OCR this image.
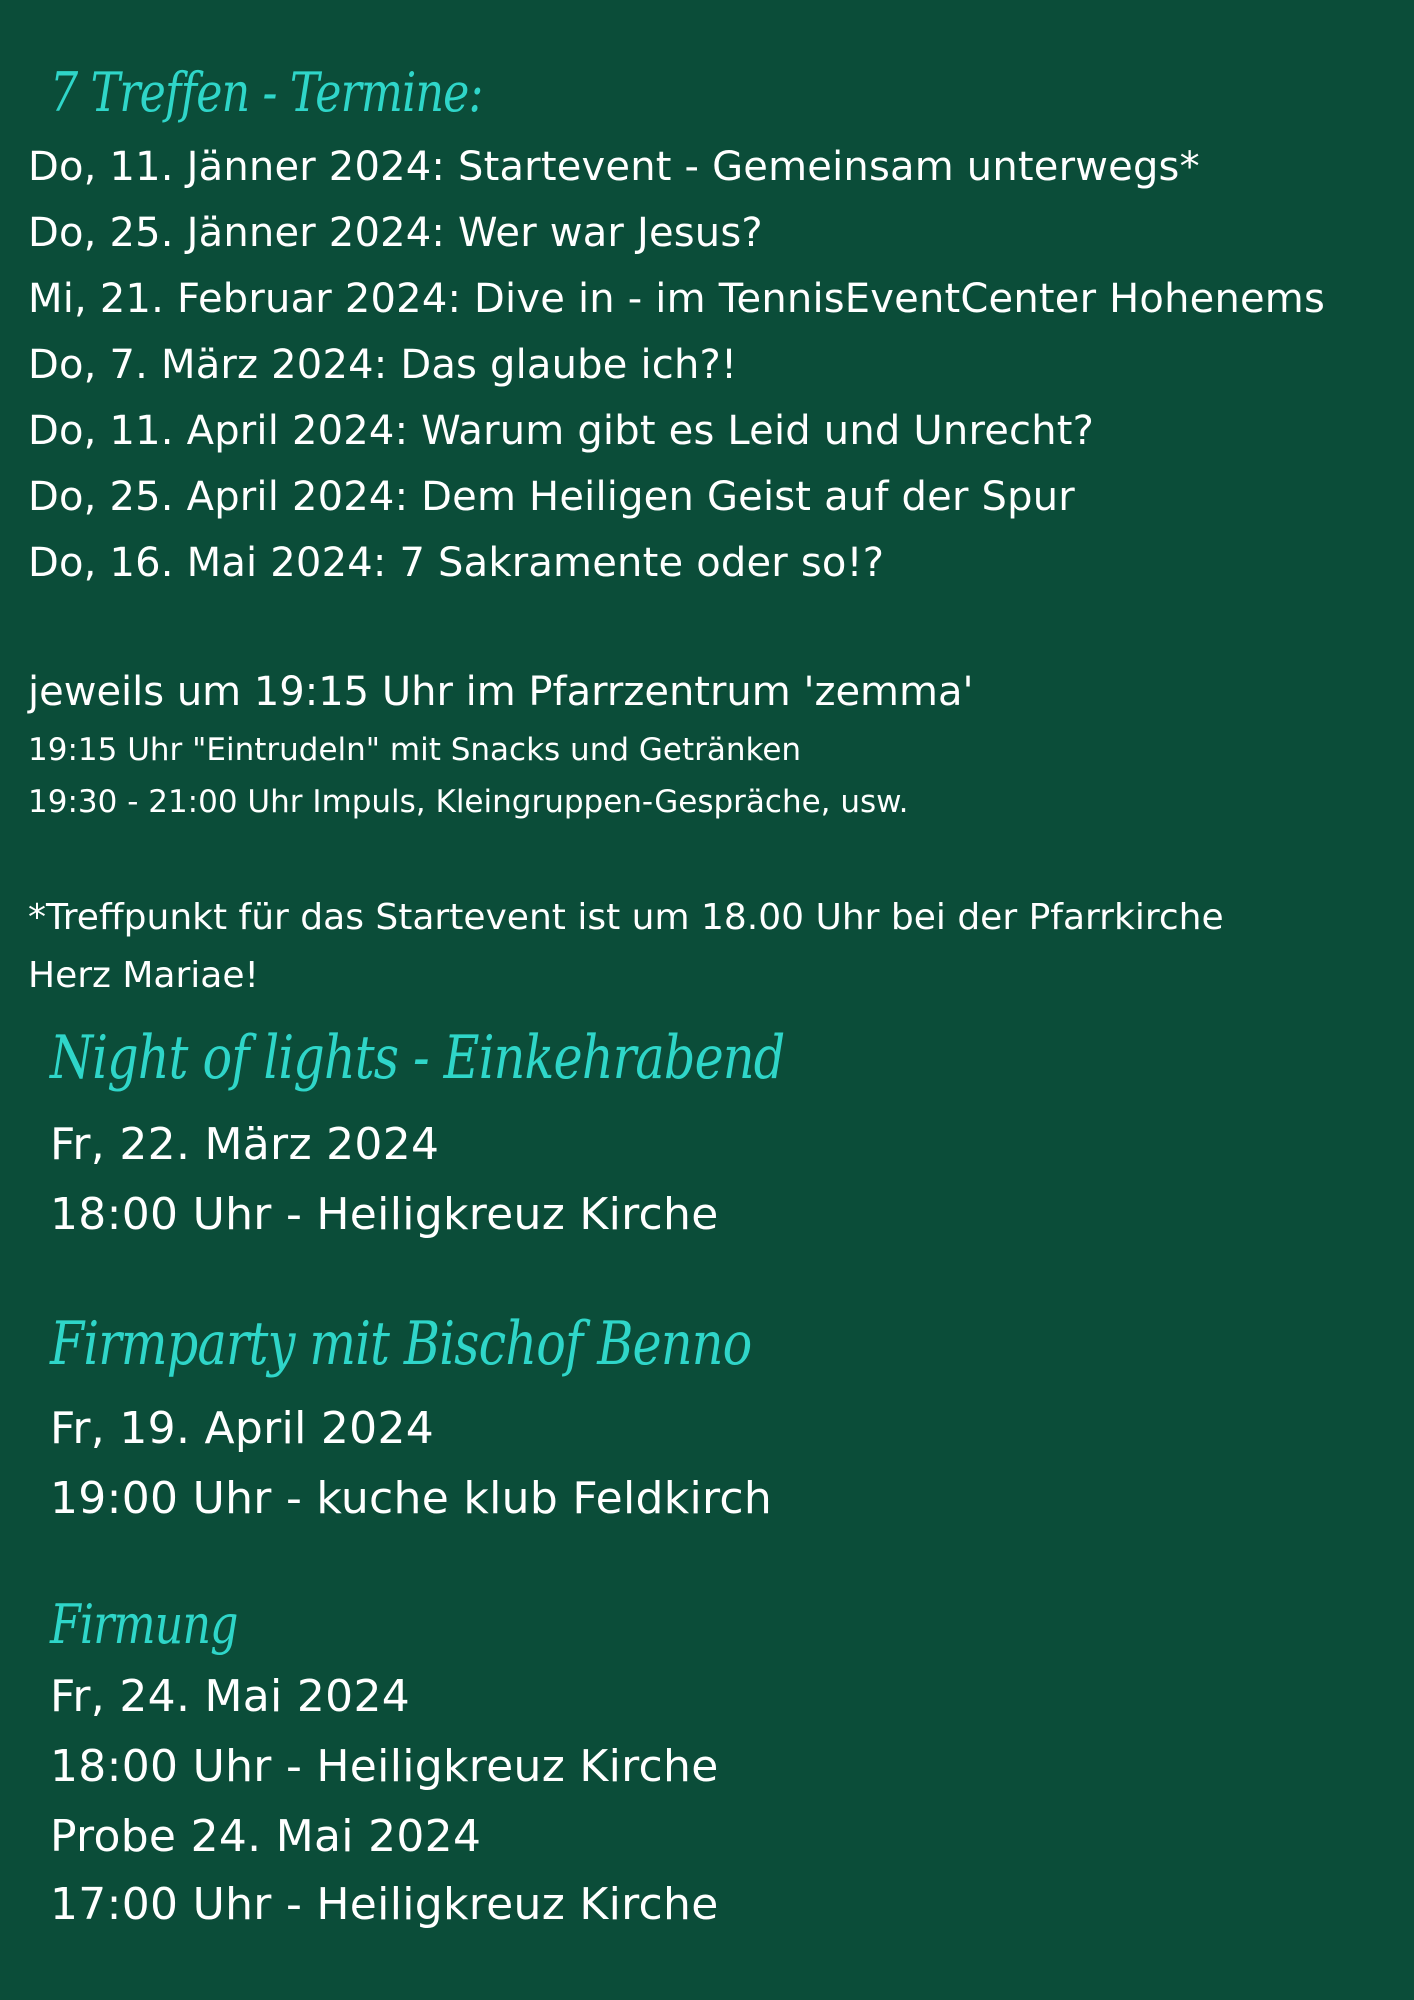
7 Treffen - Termine:
Do, 11. Jänner 2024: Startevent - Gemeinsam unterwegs*
Do, 25. Jänner 2024: Wer war Jesus?
Mi, 21. Februar 2024: Dive in - im TennisEventCenter Hohenems
Do, 7. März 2024: Das glaube ich?!
Do, 11. April 2024: Warum gibt es Leid und Unrecht?
Do, 25. April 2024: Dem Heiligen Geist auf der Spur
Do, 16. Mai 2024: 7 Sakramente oder so!?
jeweils um 19:15 Uhr im Pfarrzentrum 'zemma'
19:15 Uhr "Eintrudeln" mit Snacks und Getränken
19:30 - 21:00 Uhr Impuls, Kleingruppen-Gespräche, usw.
*Treffpunkt für das Startevent ist um 18.00 Uhr bei der Pfarrkirche
Herz Mariae!
Night of lights - Einkehrabend
Fr, 22. März 2024
18:00 Uhr - Heiligkreuz Kirche
Firmparty mit Bischof Benno
Fr, 19. April 2024
19:00 Uhr - kuche klub Feldkirch
Firmung
Fr, 24. Mai 2024
18:00 Uhr - Heiligkreuz Kirche
Probe 24. Mai 2024
17:00 Uhr - Heiligkreuz Kirche
